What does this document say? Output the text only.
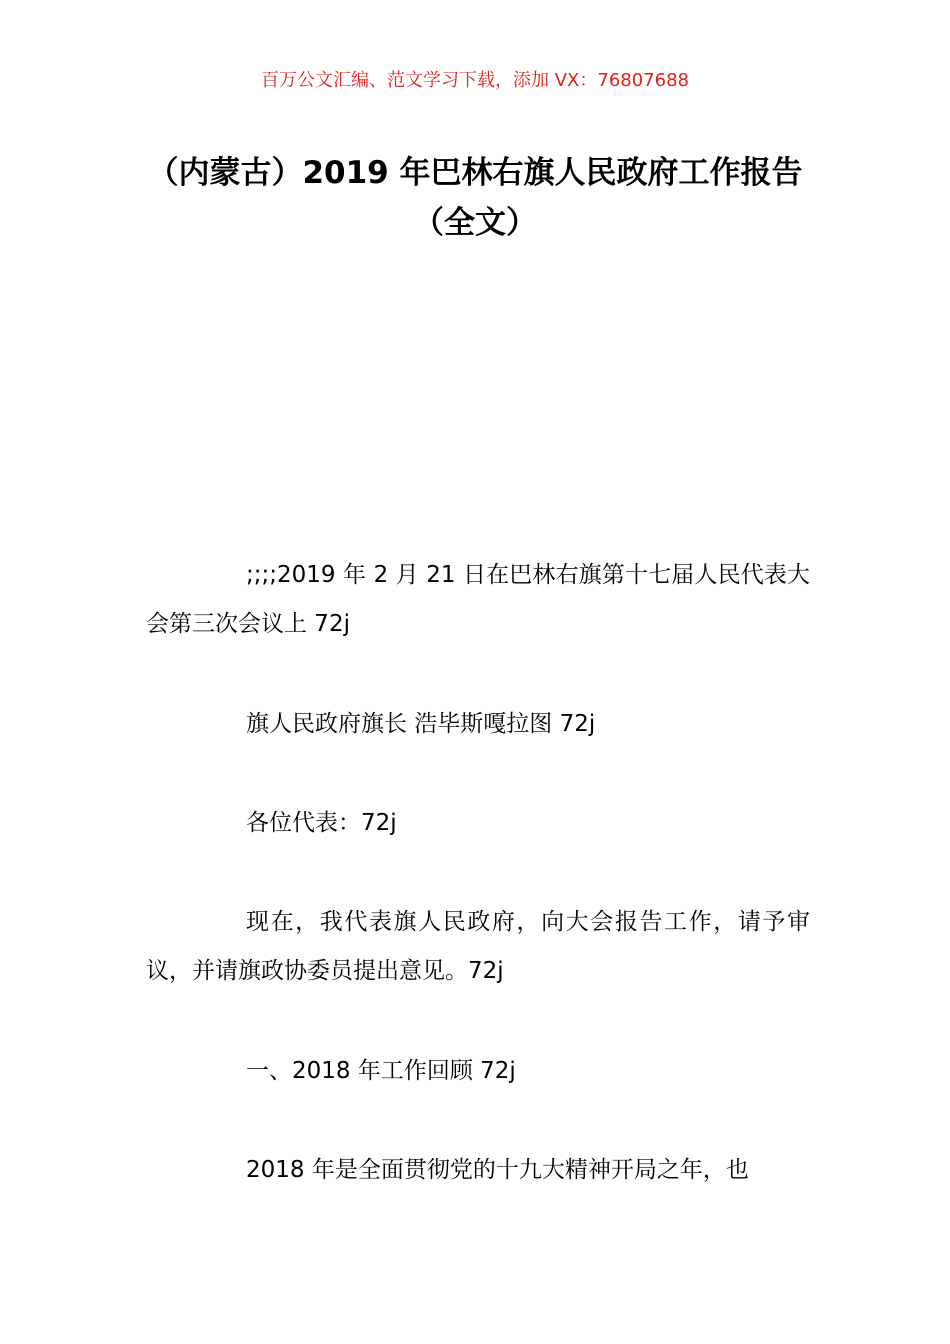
百万公文汇编、范文学习下载，添加 VX：76807688
（内蒙古）2019 年巴林右旗人民政府工作报告（全文）

;;;;2019 年 2 月 21 日在巴林右旗第十七届人民代表大会第三次会议上 72j

旗人民政府旗长 浩毕斯嘎拉图 72j

各位代表：72j

现在，我代表旗人民政府，向大会报告工作，请予审议，并请旗政协委员提出意见。72j

一、2018 年工作回顾 72j

2018 年是全面贯彻党的十九大精神开局之年，也
